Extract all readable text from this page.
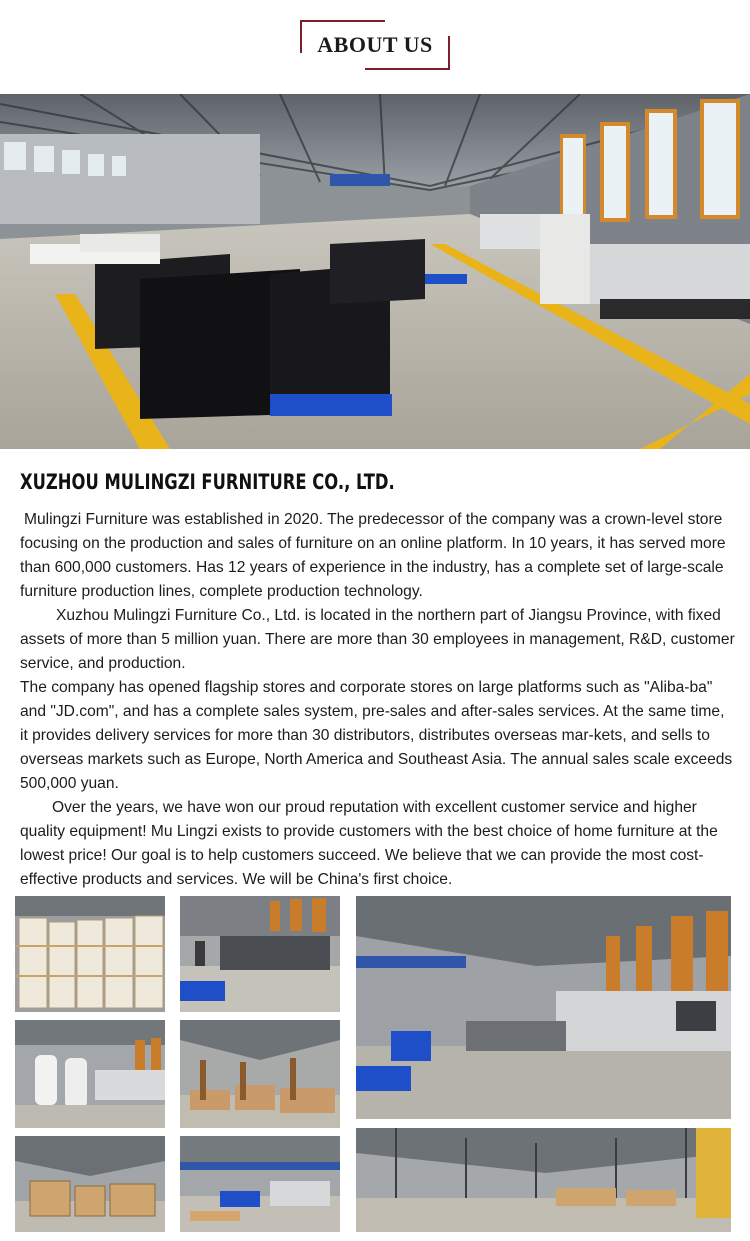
ABOUT US
XUZHOU MULINGZI FURNITURE CO., LTD.

Mulingzi Furniture was established in 2020. The predecessor of the company was a crown-level store focusing on the production and sales of furniture on an online platform. In 10 years, it has served more than 600,000 customers. Has 12 years of experience in the industry, has a complete set of large-scale furniture production lines, complete production technology.

Xuzhou Mulingzi Furniture Co., Ltd. is located in the northern part of Jiangsu Province, with fixed assets of more than 5 million yuan. There are more than 30 employees in management, R&D, customer service, and production.

The company has opened flagship stores and corporate stores on large platforms such as "Aliba-ba" and "JD.com", and has a complete sales system, pre-sales and after-sales services. At the same time, it provides delivery services for more than 30 distributors, distributes overseas mar-kets, and sells to overseas markets such as Europe, North America and Southeast Asia. The annual sales scale exceeds 500,000 yuan.

Over the years, we have won our proud reputation with excellent customer service and higher quality equipment! Mu Lingzi exists to provide customers with the best choice of home furniture at the lowest price! Our goal is to help customers succeed. We believe that we can provide the most cost-effective products and services. We will be China's first choice.
